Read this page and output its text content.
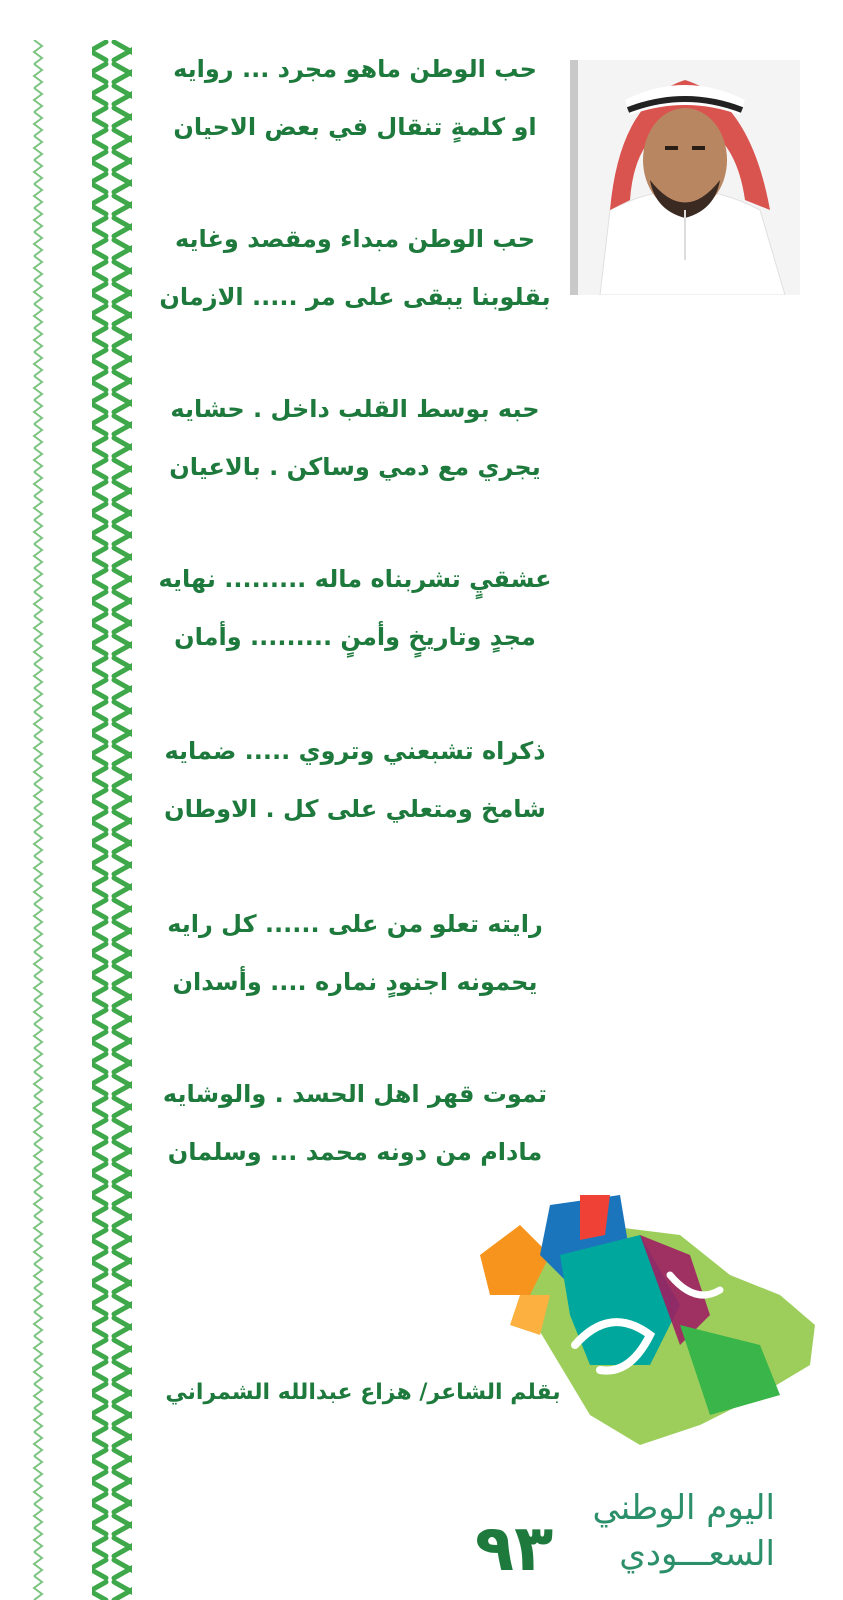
حب الوطن ماهو مجرد ... روايه
او كلمةٍ تنقال في بعض الاحيان
حب الوطن مبداء ومقصد وغايه
بقلوبنا يبقى على مر ..... الازمان
حبه بوسط القلب داخل . حشايه
يجري مع دمي وساكن . بالاعيان
عشقيٍ تشربناه ماله ......... نهايه
مجدٍ وتاريخٍ وأمنٍ ......... وأمان
ذكراه تشبعني وتروي ..... ضمايه
شامخ ومتعلي على كل . الاوطان
رايته تعلو من على ...... كل رايه
يحمونه اجنودٍ نماره .... وأسدان
تموت قهر اهل الحسد . والوشايه
مادام من دونه محمد ... وسلمان
بقلم الشاعر/ هزاع عبدالله الشمراني
اليوم الوطني
السعـــودي
٩٣
